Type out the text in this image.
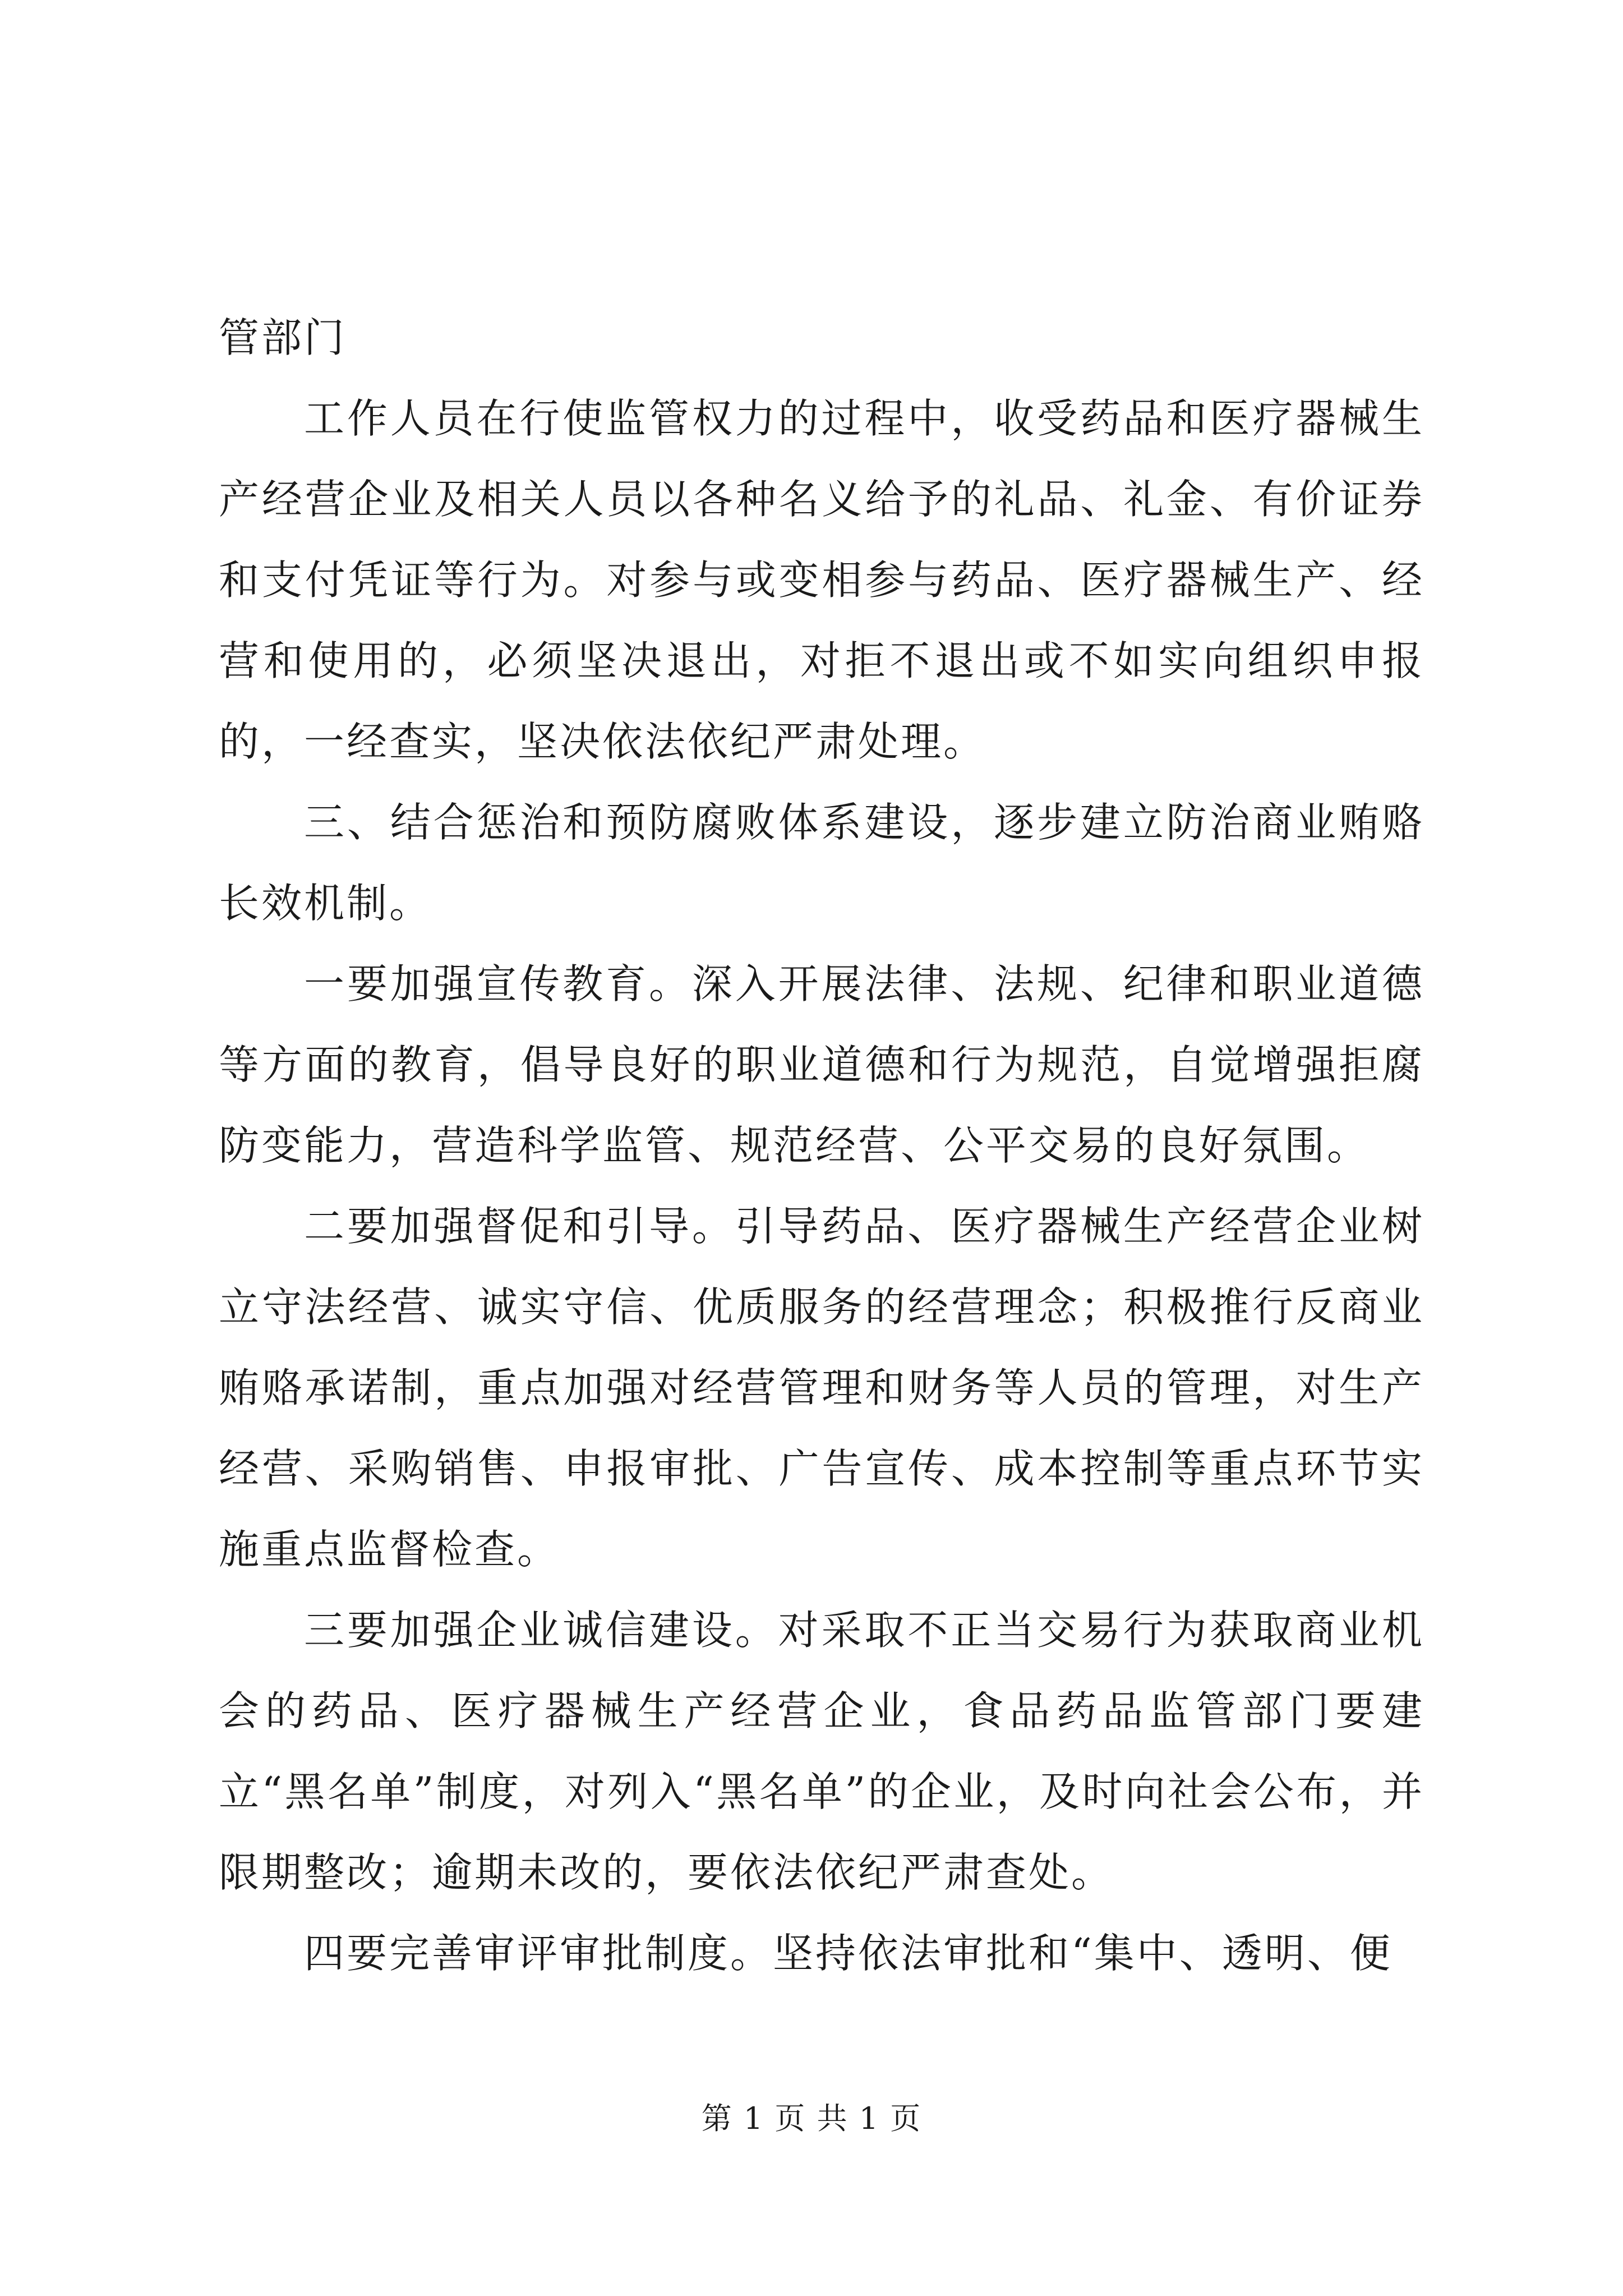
管部门

工作人员在行使监管权力的过程中，收受药品和医疗器械生产经营企业及相关人员以各种名义给予的礼品、礼金、有价证券和支付凭证等行为。对参与或变相参与药品、医疗器械生产、经营和使用的，必须坚决退出，对拒不退出或不如实向组织申报的，一经查实，坚决依法依纪严肃处理。

三、结合惩治和预防腐败体系建设，逐步建立防治商业贿赂长效机制。

一要加强宣传教育。深入开展法律、法规、纪律和职业道德等方面的教育，倡导良好的职业道德和行为规范，自觉增强拒腐防变能力，营造科学监管、规范经营、公平交易的良好氛围。

二要加强督促和引导。引导药品、医疗器械生产经营企业树立守法经营、诚实守信、优质服务的经营理念；积极推行反商业贿赂承诺制，重点加强对经营管理和财务等人员的管理，对生产经营、采购销售、申报审批、广告宣传、成本控制等重点环节实施重点监督检查。

三要加强企业诚信建设。对采取不正当交易行为获取商业机会的药品、医疗器械生产经营企业，食品药品监管部门要建立“黑名单”制度，对列入“黑名单”的企业，及时向社会公布，并限期整改；逾期未改的，要依法依纪严肃查处。

四要完善审评审批制度。坚持依法审批和“集中、透明、便

第 1 页 共 1 页
